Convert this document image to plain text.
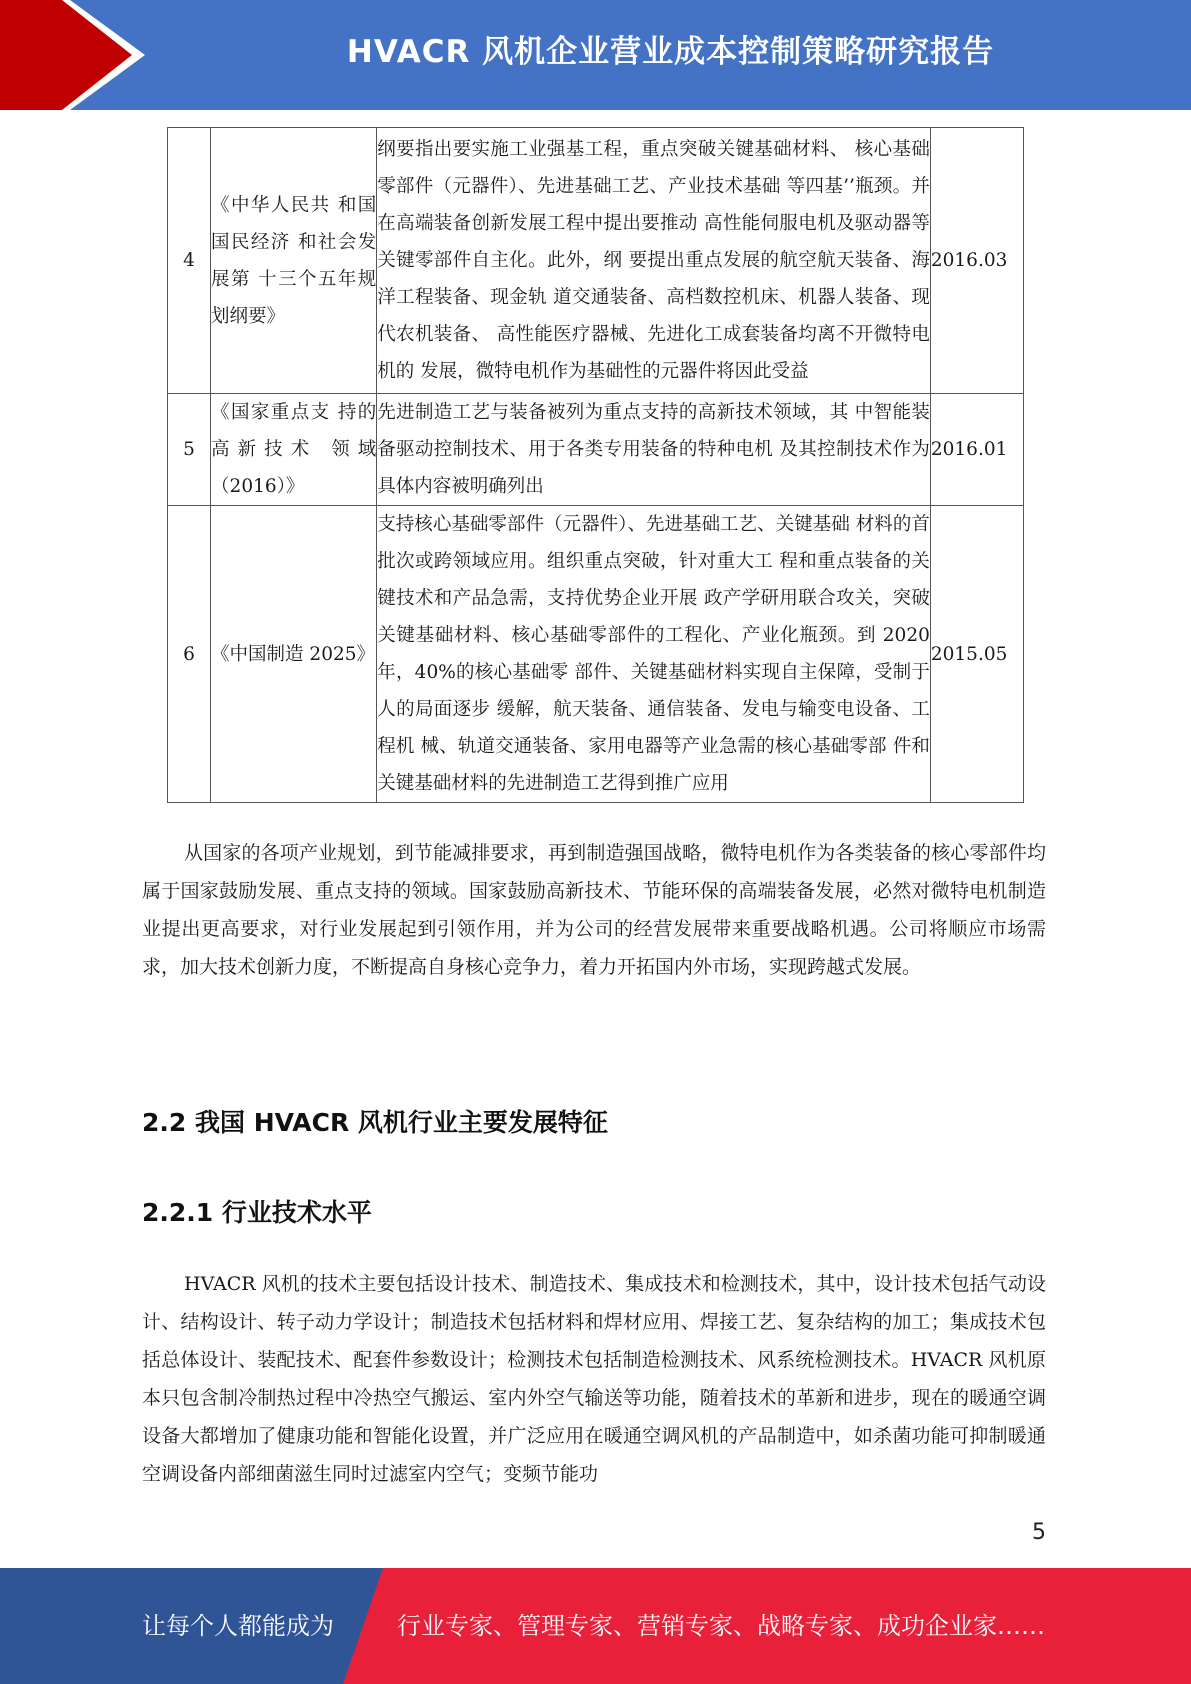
HVACR 风机企业营业成本控制策略研究报告
4	《中华人民共 和国国民经济 和社会发展第 十三个五年规 划纲要》	纲要指出要实施工业强基工程，重点突破关键基础材料、 核心基础零部件（元器件）、先进基础工艺、产业技术基础 等四基’’瓶颈。并在高端装备创新发展工程中提出要推动 高性能伺服电机及驱动器等关键零部件自主化。此外，纲 要提出重点发展的航空航天装备、海洋工程装备、现金轨 道交通装备、高档数控机床、机器人装备、现代农机装备、 高性能医疗器械、先进化工成套装备均离不开微特电机的 发展，微特电机作为基础性的元器件将因此受益	2016.03
5	《国家重点支 持的高新技术 领域（2016）》	先进制造工艺与装备被列为重点支持的高新技术领域，其 中智能装备驱动控制技术、用于各类专用装备的特种电机 及其控制技术作为具体内容被明确列出	2016.01
6	《中国制造 2025》	支持核心基础零部件（元器件）、先进基础工艺、关键基础 材料的首批次或跨领域应用。组织重点突破，针对重大工 程和重点装备的关键技术和产品急需，支持优势企业开展 政产学研用联合攻关，突破关键基础材料、核心基础零部件的工程化、产业化瓶颈。到 2020 年，40%的核心基础零 部件、关键基础材料实现自主保障，受制于人的局面逐步 缓解，航天装备、通信装备、发电与输变电设备、工程机 械、轨道交通装备、家用电器等产业急需的核心基础零部 件和关键基础材料的先进制造工艺得到推广应用	2015.05

从国家的各项产业规划，到节能减排要求，再到制造强国战略，微特电机作为各类装备的核心零部件均属于国家鼓励发展、重点支持的领域。国家鼓励高新技术、节能环保的高端装备发展，必然对微特电机制造业提出更高要求，对行业发展起到引领作用，并为公司的经营发展带来重要战略机遇。公司将顺应市场需求，加大技术创新力度，不断提高自身核心竞争力，着力开拓国内外市场，实现跨越式发展。

2.2 我国 HVACR 风机行业主要发展特征
2.2.1 行业技术水平

HVACR 风机的技术主要包括设计技术、制造技术、集成技术和检测技术，其中，设计技术包括气动设计、结构设计、转子动力学设计；制造技术包括材料和焊材应用、焊接工艺、复杂结构的加工；集成技术包括总体设计、装配技术、配套件参数设计；检测技术包括制造检测技术、风系统检测技术。HVACR 风机原本只包含制冷制热过程中冷热空气搬运、室内外空气输送等功能，随着技术的革新和进步，现在的暖通空调设备大都增加了健康功能和智能化设置，并广泛应用在暖通空调风机的产品制造中，如杀菌功能可抑制暖通空调设备内部细菌滋生同时过滤室内空气；变频节能功

5
让每个人都能成为	行业专家、管理专家、营销专家、战略专家、成功企业家……
